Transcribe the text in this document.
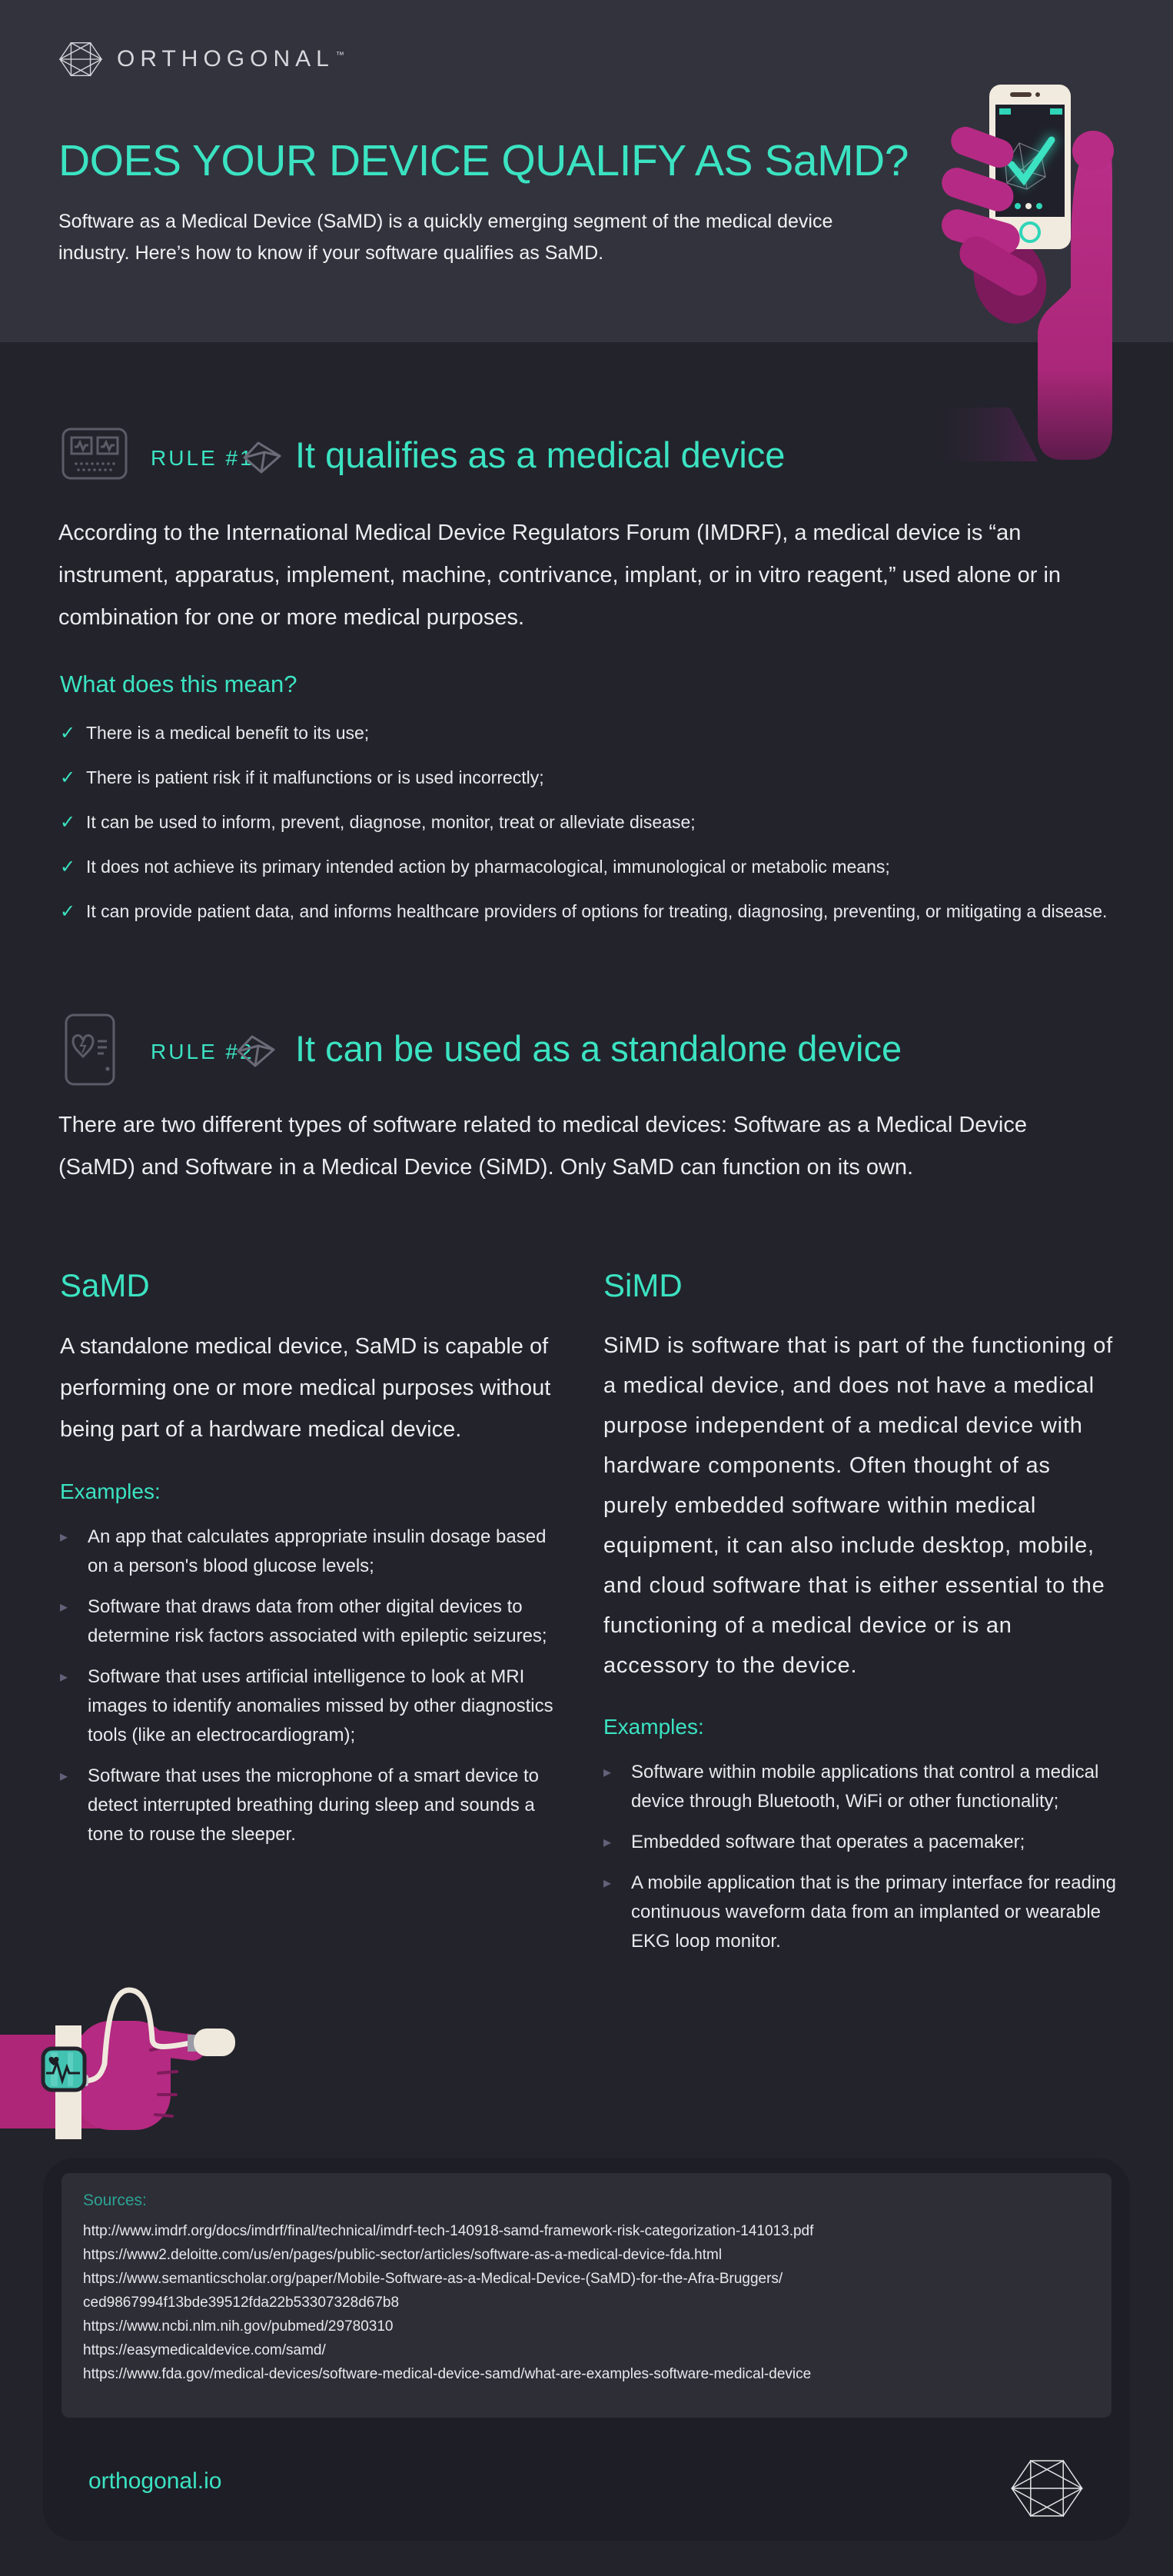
ORTHOGONAL ™
DOES YOUR DEVICE QUALIFY AS SaMD?
Software as a Medical Device (SaMD) is a quickly emerging segment of the medical device industry. Here’s how to know if your software qualifies as SaMD.
RULE #1 It qualifies as a medical device
According to the International Medical Device Regulators Forum (IMDRF), a medical device is “an instrument, apparatus, implement, machine, contrivance, implant, or in vitro reagent,” used alone or in combination for one or more medical purposes.
What does this mean?
✓ There is a medical benefit to its use;
✓ There is patient risk if it malfunctions or is used incorrectly;
✓ It can be used to inform, prevent, diagnose, monitor, treat or alleviate disease;
✓ It does not achieve its primary intended action by pharmacological, immunological or metabolic means;
✓ It can provide patient data, and informs healthcare providers of options for treating, diagnosing, preventing, or mitigating a disease.
RULE #2 It can be used as a standalone device
There are two different types of software related to medical devices: Software as a Medical Device (SaMD) and Software in a Medical Device (SiMD). Only SaMD can function on its own.
SaMD
A standalone medical device, SaMD is capable of performing one or more medical purposes without being part of a hardware medical device.
Examples:
▸	An app that calculates appropriate insulin dosage based on a person's blood glucose levels;
▸	Software that draws data from other digital devices to determine risk factors associated with epileptic seizures;
▸	Software that uses artificial intelligence to look at MRI images to identify anomalies missed by other diagnostics tools (like an electrocardiogram);
▸	Software that uses the microphone of a smart device to detect interrupted breathing during sleep and sounds a tone to rouse the sleeper.
SiMD
SiMD is software that is part of the functioning of a medical device, and does not have a medical purpose independent of a medical device with hardware components. Often thought of as purely embedded software within medical equipment, it can also include desktop, mobile, and cloud software that is either essential to the functioning of a medical device or is an accessory to the device.
Examples:
▸	Software within mobile applications that control a medical device through Bluetooth, WiFi or other functionality;
▸	Embedded software that operates a pacemaker;
▸	A mobile application that is the primary interface for reading continuous waveform data from an implanted or wearable EKG loop monitor.
Sources:
http://www.imdrf.org/docs/imdrf/final/technical/imdrf-tech-140918-samd-framework-risk-categorization-141013.pdf
https://www2.deloitte.com/us/en/pages/public-sector/articles/software-as-a-medical-device-fda.html
https://www.semanticscholar.org/paper/Mobile-Software-as-a-Medical-Device-(SaMD)-for-the-Afra-Bruggers/
ced9867994f13bde39512fda22b53307328d67b8
https://www.ncbi.nlm.nih.gov/pubmed/29780310
https://easymedicaldevice.com/samd/
https://www.fda.gov/medical-devices/software-medical-device-samd/what-are-examples-software-medical-device
orthogonal.io
